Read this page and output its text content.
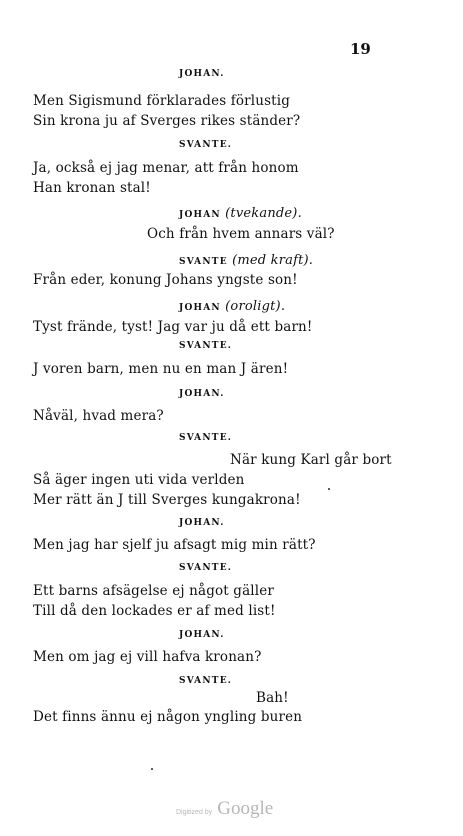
19
JOHAN.
Men Sigismund förklarades förlustig
Sin krona ju af Sverges rikes ständer?
SVANTE.
Ja, också ej jag menar, att från honom
Han kronan stal!
JOHAN (tvekande).
Och från hvem annars väl?
SVANTE (med kraft).
Från eder, konung Johans yngste son!
JOHAN (oroligt).
Tyst frände, tyst! Jag var ju då ett barn!
SVANTE.
J voren barn, men nu en man J ären!
JOHAN.
Nåväl, hvad mera?
SVANTE.
När kung Karl går bort
Så äger ingen uti vida verlden
Mer rätt än J till Sverges kungakrona!
JOHAN.
Men jag har sjelf ju afsagt mig min rätt?
SVANTE.
Ett barns afsägelse ej något gäller
Till då den lockades er af med list!
JOHAN.
Men om jag ej vill hafva kronan?
SVANTE.
Bah!
Det finns ännu ej någon yngling buren
Digitized by Google
